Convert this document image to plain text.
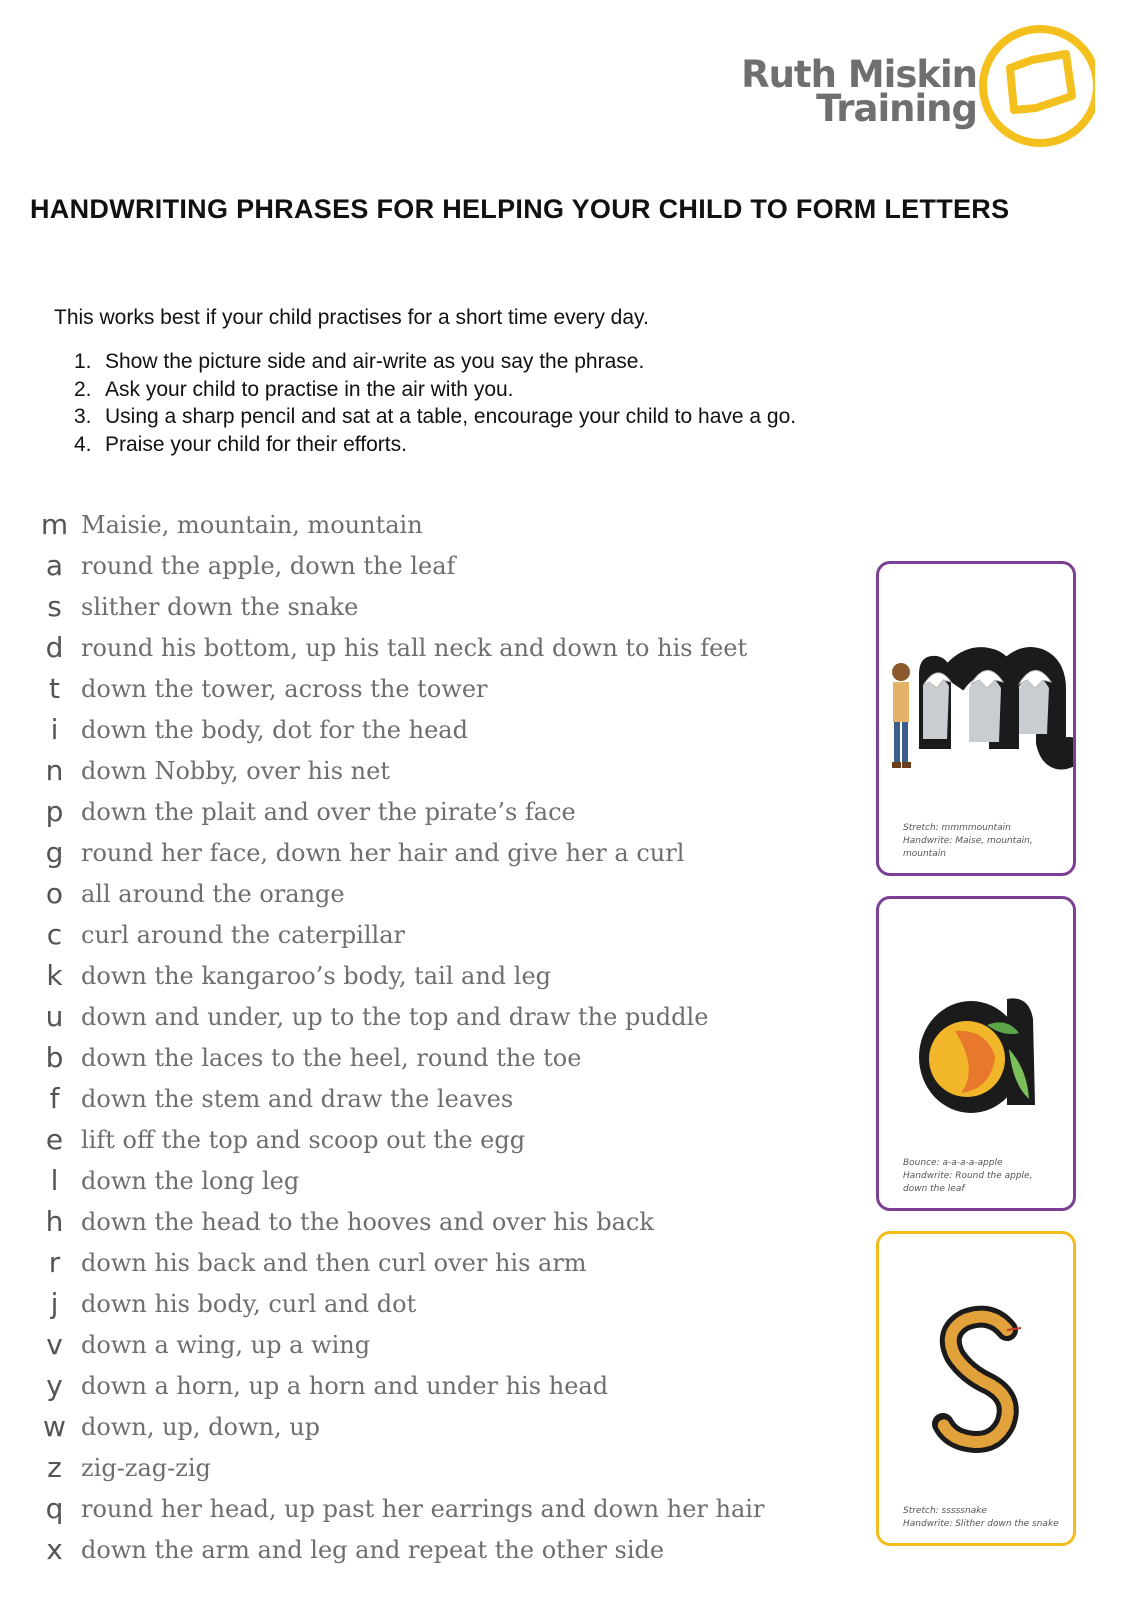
Ruth Miskin
Training
HANDWRITING PHRASES FOR HELPING YOUR CHILD TO FORM LETTERS
This works best if your child practises for a short time every day.
1. Show the picture side and air-write as you say the phrase.
2. Ask your child to practise in the air with you.
3. Using a sharp pencil and sat at a table, encourage your child to have a go.
4. Praise your child for their efforts.
m Maisie, mountain, mountain
a round the apple, down the leaf
s slither down the snake
d round his bottom, up his tall neck and down to his feet
t down the tower, across the tower
i down the body, dot for the head
n down Nobby, over his net
p down the plait and over the pirate’s face
g round her face, down her hair and give her a curl
o all around the orange
c curl around the caterpillar
k down the kangaroo’s body, tail and leg
u down and under, up to the top and draw the puddle
b down the laces to the heel, round the toe
f down the stem and draw the leaves
e lift off the top and scoop out the egg
l down the long leg
h down the head to the hooves and over his back
r down his back and then curl over his arm
j down his body, curl and dot
v down a wing, up a wing
y down a horn, up a horn and under his head
w down, up, down, up
z zig-zag-zig
q round her head, up past her earrings and down her hair
x down the arm and leg and repeat the other side
Stretch: mmmmountain
Handwrite: Maise, mountain,
mountain
Bounce: a-a-a-a-apple
Handwrite: Round the apple,
down the leaf
Stretch: sssssnake
Handwrite: Slither down the snake
